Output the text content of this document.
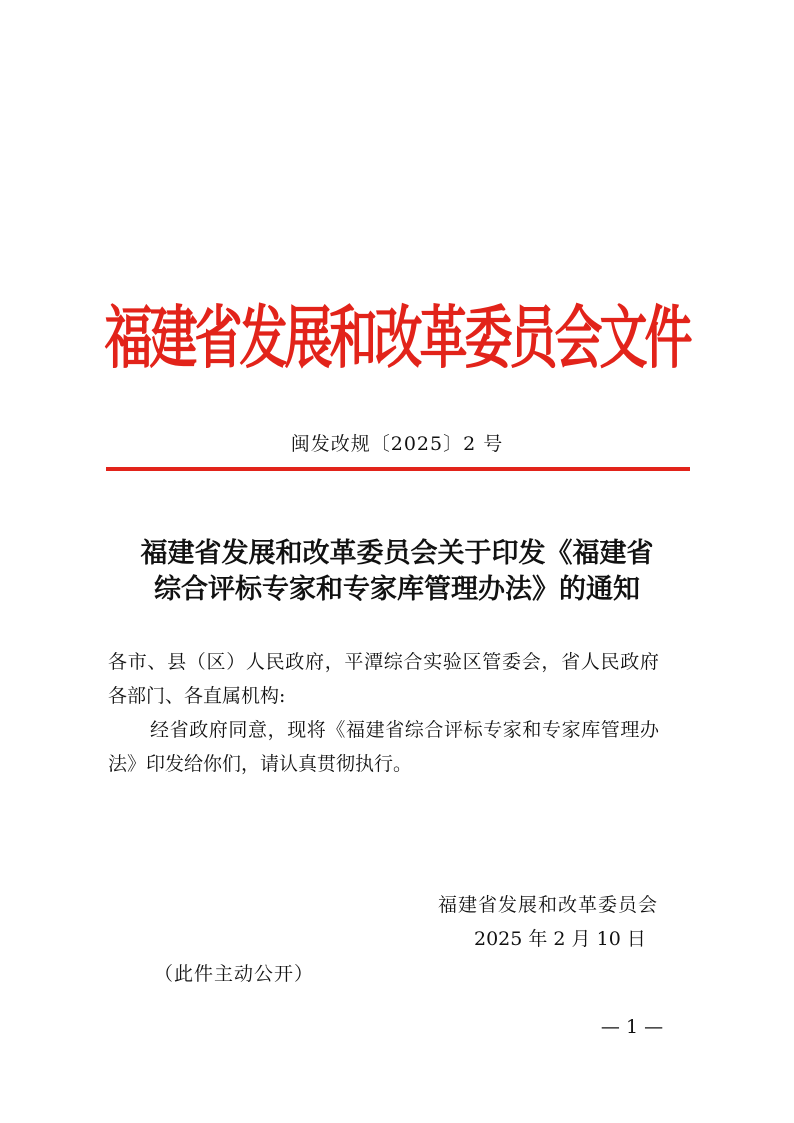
福建省发展和改革委员会文件
闽发改规〔2025〕2 号
福建省发展和改革委员会关于印发《福建省
综合评标专家和专家库管理办法》的通知
各市、县（区）人民政府，平潭综合实验区管委会，省人民政府
各部门、各直属机构:
经省政府同意，现将《福建省综合评标专家和专家库管理办
法》印发给你们，请认真贯彻执行。
福建省发展和改革委员会
2025 年 2 月 10 日
（此件主动公开）
— 1 —
